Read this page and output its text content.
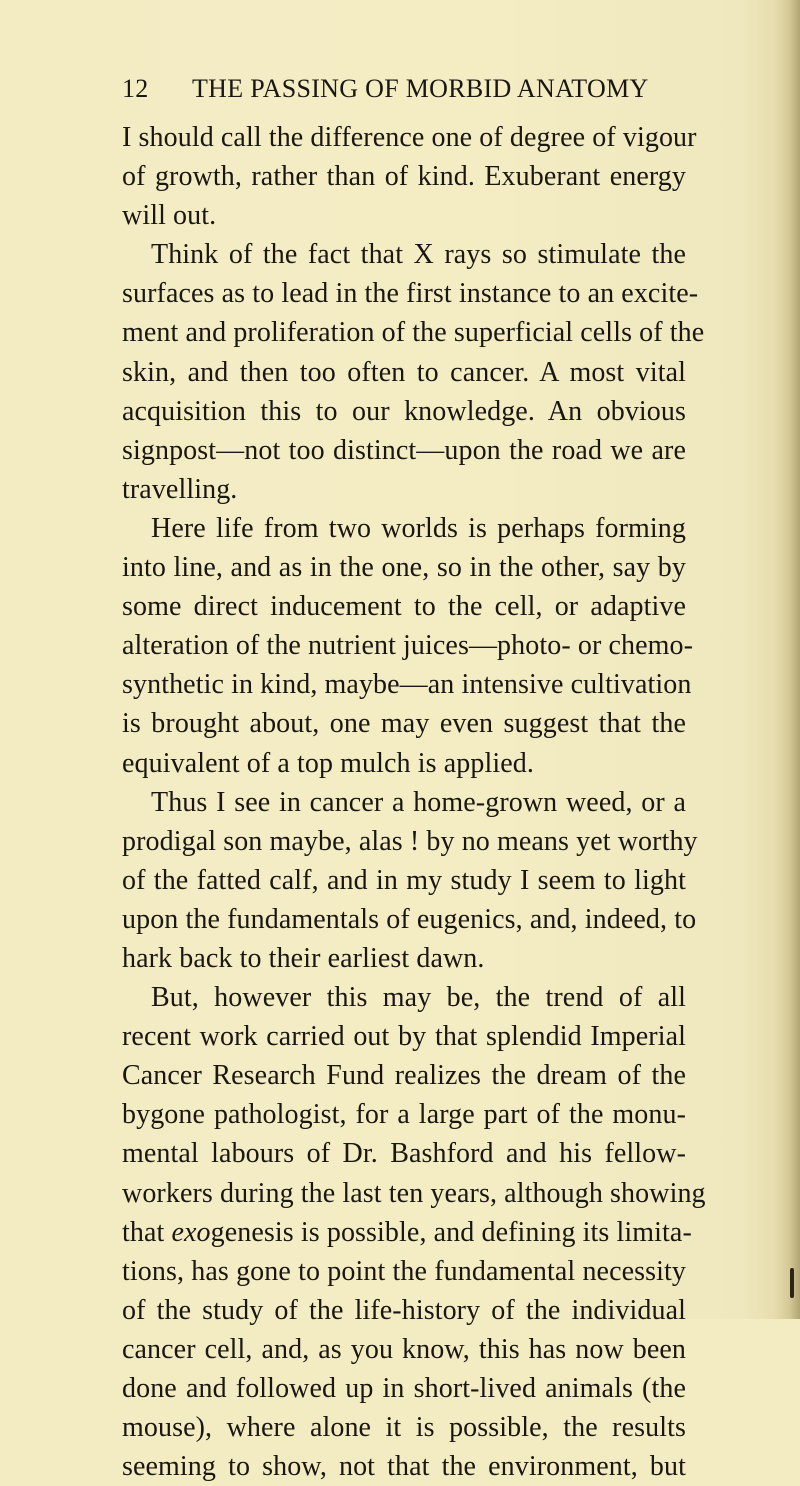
12 THE PASSING OF MORBID ANATOMY
I should call the difference one of degree of vigour
of growth, rather than of kind. Exuberant energy
will out.
Think of the fact that X rays so stimulate the
surfaces as to lead in the first instance to an excite-
ment and proliferation of the superficial cells of the
skin, and then too often to cancer. A most vital
acquisition this to our knowledge. An obvious
signpost—not too distinct—upon the road we are
travelling.
Here life from two worlds is perhaps forming
into line, and as in the one, so in the other, say by
some direct inducement to the cell, or adaptive
alteration of the nutrient juices—photo- or chemo-
synthetic in kind, maybe—an intensive cultivation
is brought about, one may even suggest that the
equivalent of a top mulch is applied.
Thus I see in cancer a home-grown weed, or a
prodigal son maybe, alas ! by no means yet worthy
of the fatted calf, and in my study I seem to light
upon the fundamentals of eugenics, and, indeed, to
hark back to their earliest dawn.
But, however this may be, the trend of all
recent work carried out by that splendid Imperial
Cancer Research Fund realizes the dream of the
bygone pathologist, for a large part of the monu-
mental labours of Dr. Bashford and his fellow-
workers during the last ten years, although showing
that exogenesis is possible, and defining its limita-
tions, has gone to point the fundamental necessity
of the study of the life-history of the individual
cancer cell, and, as you know, this has now been
done and followed up in short-lived animals (the
mouse), where alone it is possible, the results
seeming to show, not that the environment, but
